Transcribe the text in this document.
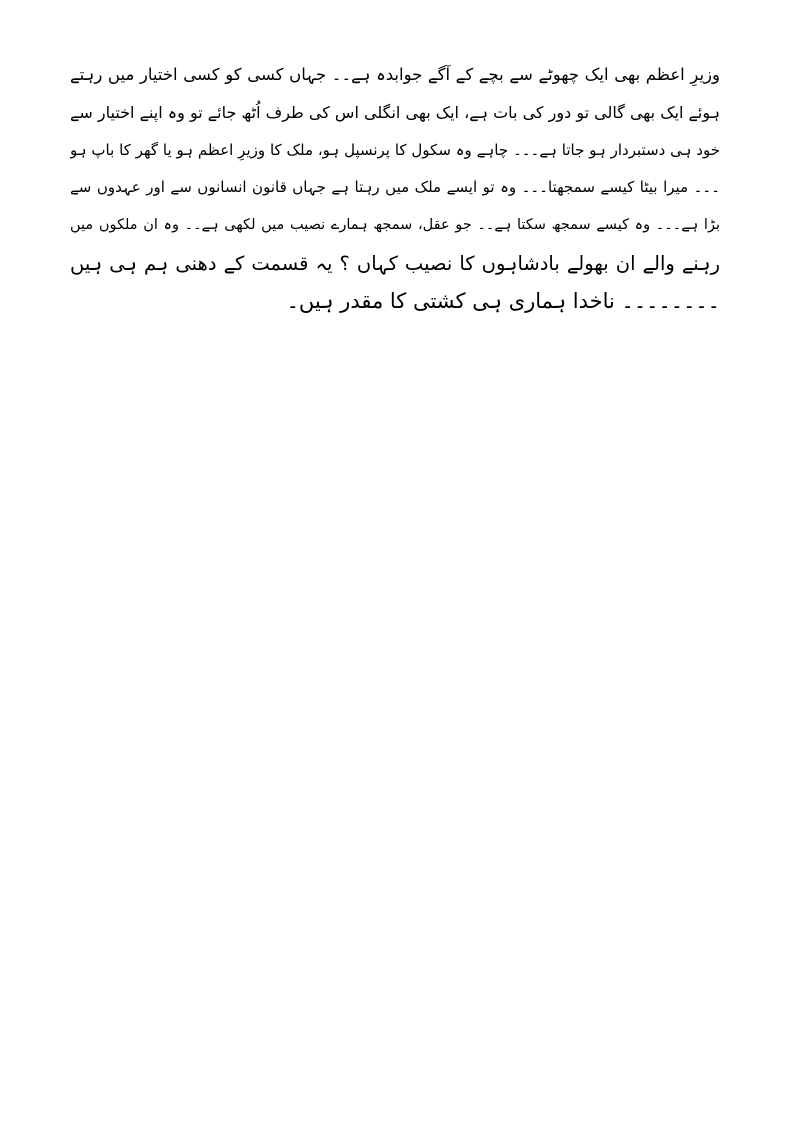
وزیرِ اعظم بھی ایک چھوٹے سے بچے کے آگے جوابدہ ہے۔۔ جہاں کسی کو کسی اختیار میں رہتے
ہوئے ایک بھی گالی تو دور کی بات ہے، ایک بھی انگلی اس کی طرف اُٹھ جائے تو وہ اپنے اختیار سے
خود ہی دستبردار ہو جاتا ہے۔۔۔ چاہے وہ سکول کا پرنسپل ہو، ملک کا وزیرِ اعظم ہو یا گھر کا باپ ہو
۔۔۔ میرا بیٹا کیسے سمجھتا۔۔۔ وہ تو ایسے ملک میں رہتا ہے جہاں قانون انسانوں سے اور عہدوں سے
بڑا ہے۔۔۔ وہ کیسے سمجھ سکتا ہے۔۔ جو عقل، سمجھ ہمارے نصیب میں لکھی ہے۔۔ وہ ان ملکوں میں
رہنے والے ان بھولے بادشاہوں کا نصیب کہاں ؟ یہ قسمت کے دھنی ہم ہی ہیں
۔۔۔۔۔۔۔۔ ناخدا ہماری ہی کشتی کا مقدر ہیں۔
